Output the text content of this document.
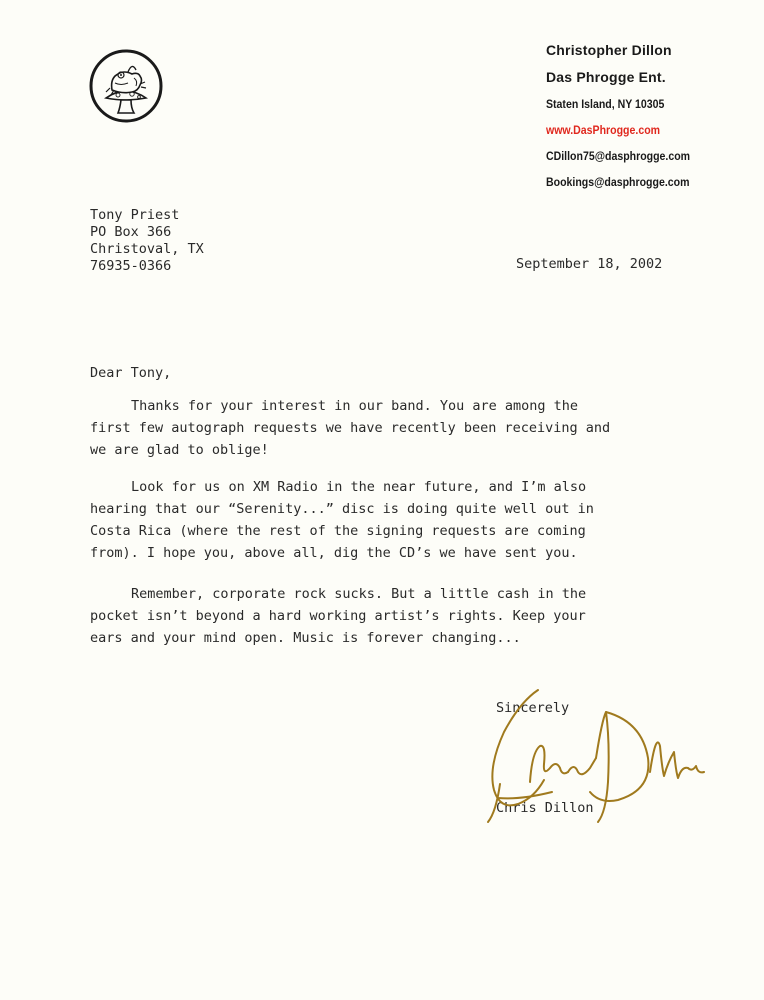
Christopher Dillon
Das Phrogge Ent.
Staten Island, NY 10305
www.DasPhrogge.com
CDillon75@dasphrogge.com
Bookings@dasphrogge.com
Tony Priest
PO Box 366
Christoval, TX
76935-0366	September 18, 2002
Dear Tony,
Thanks for your interest in our band. You are among the
first few autograph requests we have recently been receiving and
we are glad to oblige!
Look for us on XM Radio in the near future, and I’m also
hearing that our “Serenity...” disc is doing quite well out in
Costa Rica (where the rest of the signing requests are coming
from). I hope you, above all, dig the CD’s we have sent you.
Remember, corporate rock sucks. But a little cash in the
pocket isn’t beyond a hard working artist’s rights. Keep your
ears and your mind open. Music is forever changing...
Sincerely
Chris Dillon
